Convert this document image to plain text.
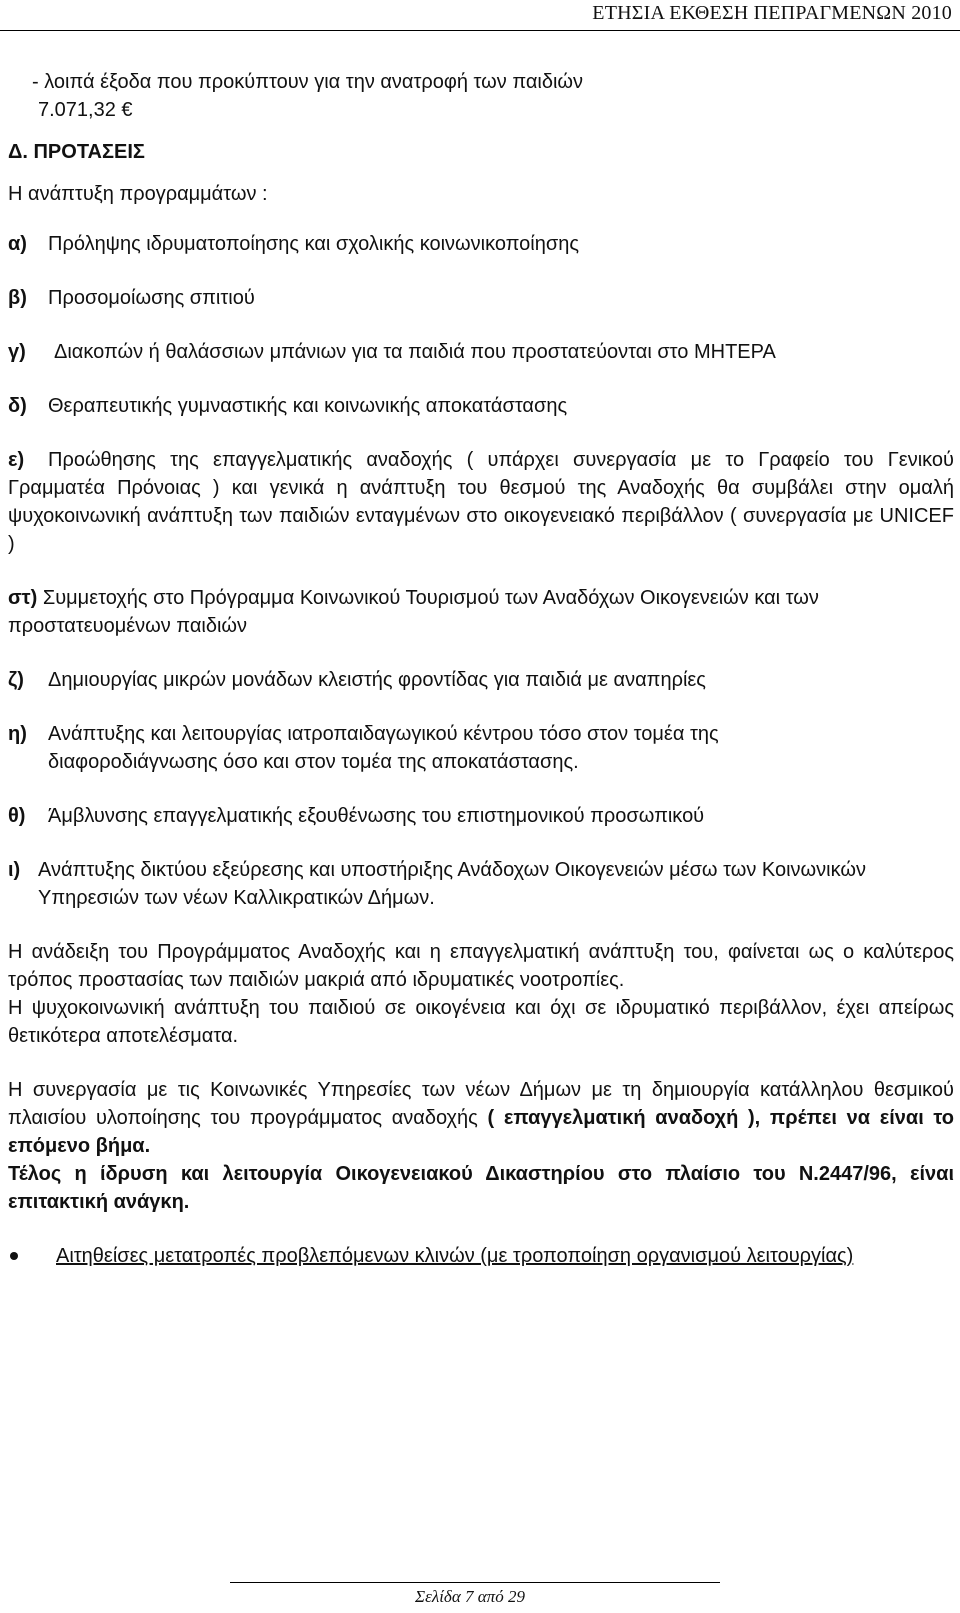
ΕΤΗΣΙΑ ΕΚΘΕΣΗ ΠΕΠΡΑΓΜΕΝΩΝ 2010

- λοιπά έξοδα που προκύπτουν για την ανατροφή των παιδιών

7.071,32 €

Δ. ΠΡΟΤΑΣΕΙΣ

Η ανάπτυξη προγραμμάτων :

α)	Πρόληψης ιδρυματοποίησης και σχολικής κοινωνικοποίησης
β)	Προσομοίωσης σπιτιού
γ) Διακοπών ή θαλάσσιων μπάνιων για τα παιδιά που προστατεύονται στο ΜΗΤΕΡΑ
δ)	Θεραπευτικής γυμναστικής και κοινωνικής αποκατάστασης
ε) Προώθησης της επαγγελματικής αναδοχής ( υπάρχει συνεργασία με το Γραφείο του Γενικού Γραμματέα Πρόνοιας ) και γενικά η ανάπτυξη του θεσμού της Αναδοχής θα συμβάλει στην ομαλή ψυχοκοινωνική ανάπτυξη των παιδιών ενταγμένων στο οικογενειακό περιβάλλον ( συνεργασία με UNICEF )
στ) Συμμετοχής στο Πρόγραμμα Κοινωνικού Τουρισμού των Αναδόχων Οικογενειών και των προστατευομένων παιδιών
ζ)	Δημιουργίας μικρών μονάδων κλειστής φροντίδας για παιδιά με αναπηρίες
η)	Ανάπτυξης και λειτουργίας ιατροπαιδαγωγικού κέντρου τόσο στον τομέα της διαφοροδιάγνωσης όσο και στον τομέα της αποκατάστασης.
θ)	Άμβλυνσης επαγγελματικής εξουθένωσης του επιστημονικού προσωπικού
ι) Ανάπτυξης δικτύου εξεύρεσης και υποστήριξης Ανάδοχων Οικογενειών μέσω των Κοινωνικών Υπηρεσιών των νέων Καλλικρατικών Δήμων.

Η ανάδειξη του Προγράμματος Αναδοχής και η επαγγελματική ανάπτυξη του, φαίνεται ως ο καλύτερος τρόπος προστασίας των παιδιών μακριά από ιδρυματικές νοοτροπίες.

Η ψυχοκοινωνική ανάπτυξη του παιδιού σε οικογένεια και όχι σε ιδρυματικό περιβάλλον, έχει απείρως θετικότερα αποτελέσματα.

Η συνεργασία με τις Κοινωνικές Υπηρεσίες των νέων Δήμων με τη δημιουργία κατάλληλου θεσμικού πλαισίου υλοποίησης του προγράμματος αναδοχής ( επαγγελματική αναδοχή ), πρέπει να είναι το επόμενο βήμα.

Τέλος η ίδρυση και λειτουργία Οικογενειακού Δικαστηρίου στο πλαίσιο του Ν.2447/96, είναι επιτακτική ανάγκη.

Αιτηθείσες μετατροπές προβλεπόμενων κλινών (με τροποποίηση οργανισμού λειτουργίας)
Σελίδα 7 από 29
